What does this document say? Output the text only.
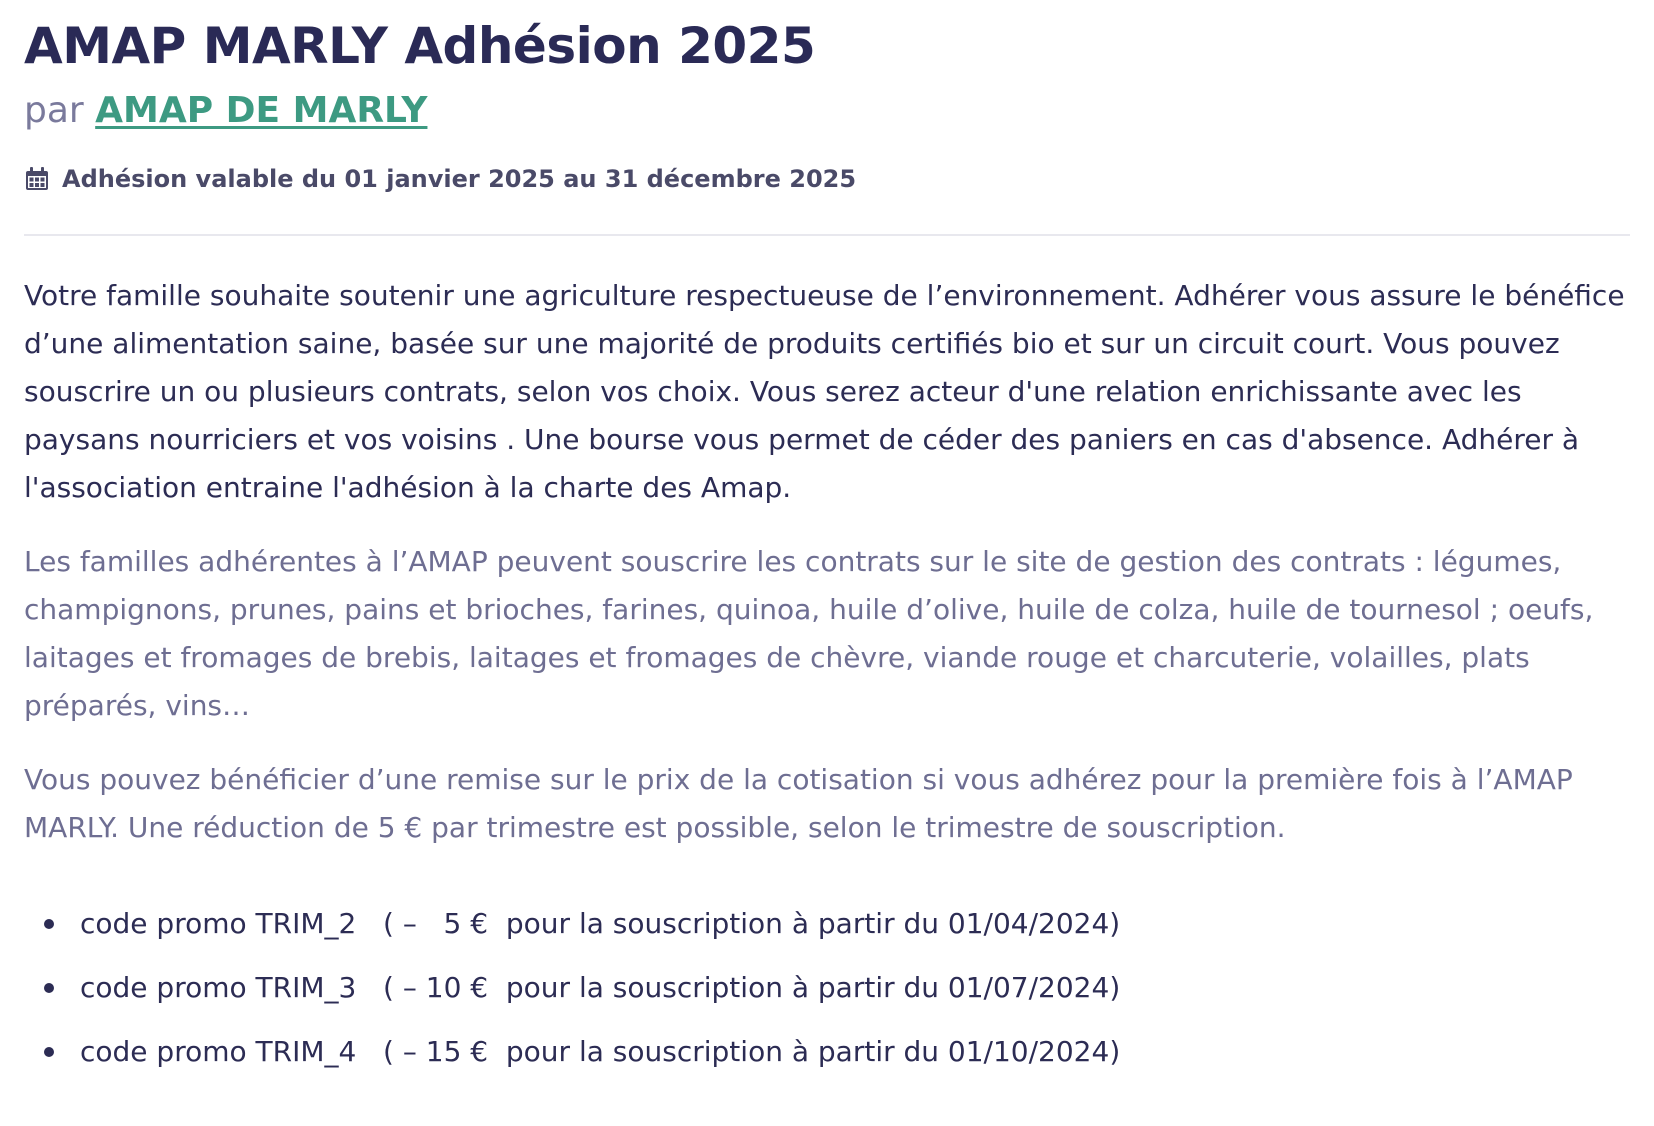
AMAP MARLY Adhésion 2025
par AMAP DE MARLY
Adhésion valable du 01 janvier 2025 au 31 décembre 2025

Votre famille souhaite soutenir une agriculture respectueuse de l’environnement. Adhérer vous assure le bénéfice d’une alimentation saine, basée sur une majorité de produits certifiés bio et sur un circuit court. Vous pouvez souscrire un ou plusieurs contrats, selon vos choix. Vous serez acteur d'une relation enrichissante avec les paysans nourriciers et vos voisins . Une bourse vous permet de céder des paniers en cas d'absence. Adhérer à l'association entraine l'adhésion à la charte des Amap.

Les familles adhérentes à l’AMAP peuvent souscrire les contrats sur le site de gestion des contrats : légumes, champignons, prunes, pains et brioches, farines, quinoa, huile d’olive, huile de colza, huile de tournesol ; oeufs, laitages et fromages de brebis, laitages et fromages de chèvre, viande rouge et charcuterie, volailles, plats préparés, vins…

Vous pouvez bénéficier d’une remise sur le prix de la cotisation si vous adhérez pour la première fois à l’AMAP MARLY. Une réduction de 5 € par trimestre est possible, selon le trimestre de souscription.

code promo TRIM_2   ( –   5 €  pour la souscription à partir du 01/04/2024)
code promo TRIM_3   ( – 10 €  pour la souscription à partir du 01/07/2024)
code promo TRIM_4   ( – 15 €  pour la souscription à partir du 01/10/2024)
